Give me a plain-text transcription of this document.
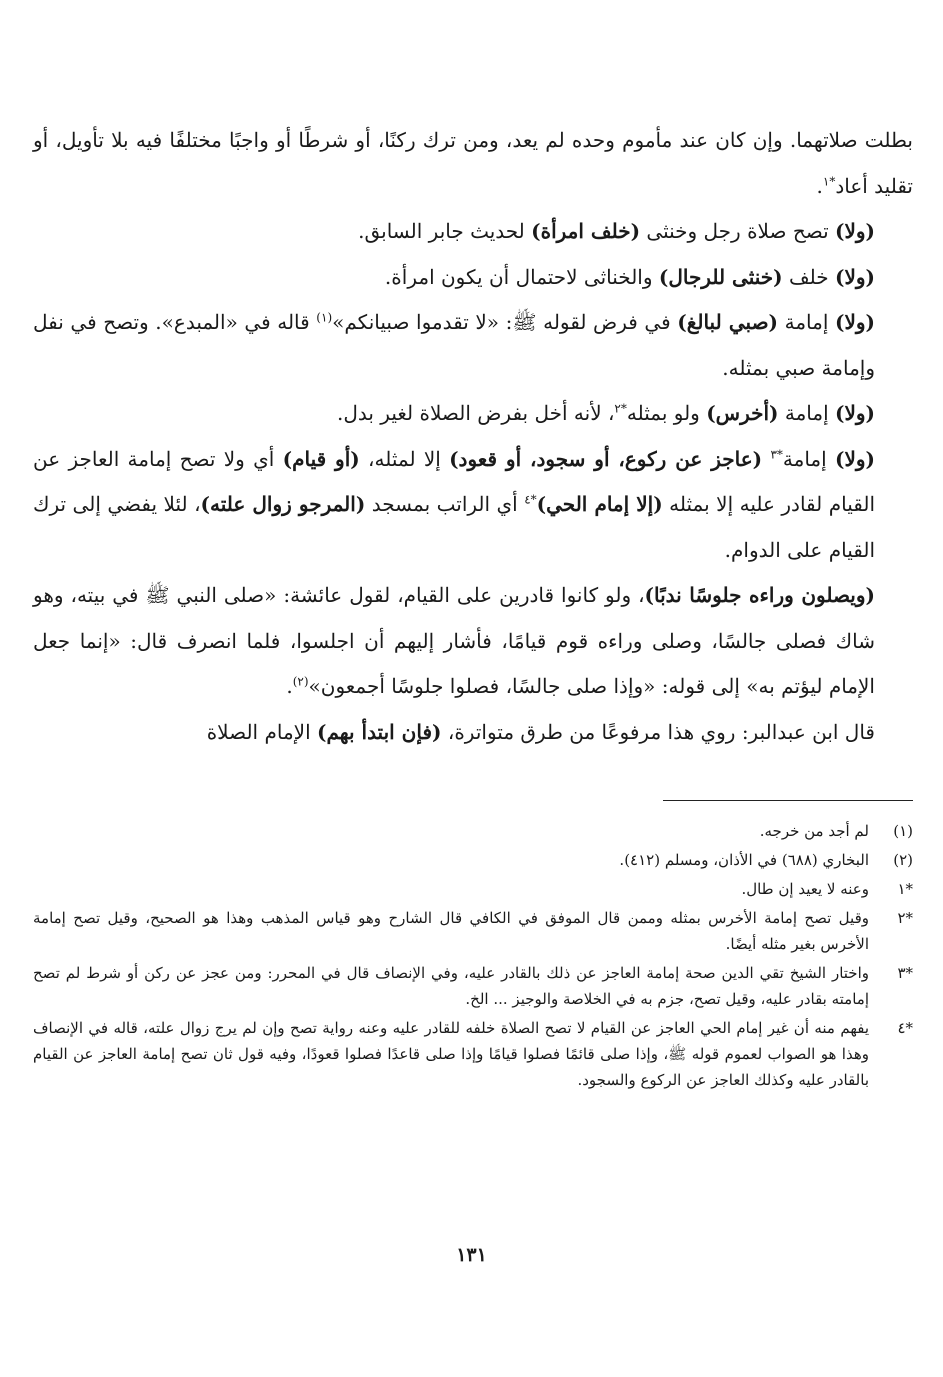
بطلت صلاتهما. وإن كان عند مأموم وحده لم يعد، ومن ترك ركنًا، أو شرطًا أو واجبًا مختلفًا فيه بلا تأويل، أو تقليد أعاد$^{*١}$.

(ولا) تصح صلاة رجل وخنثى (خلف امرأة) لحديث جابر السابق.

(ولا) خلف (خنثى للرجال) والخناثى لاحتمال أن يكون امرأة.

(ولا) إمامة (صبي لبالغ) في فرض لقوله ﷺ: «لا تقدموا صبيانكم»$^{(١)}$ قاله في «المبدع». وتصح في نفل وإمامة صبي بمثله.

(ولا) إمامة (أخرس) ولو بمثله$^{*٢}$، لأنه أخل بفرض الصلاة لغير بدل.

(ولا) إمامة$^{*٣}$ (عاجز عن ركوع، أو سجود، أو قعود) إلا لمثله، (أو قيام) أي ولا تصح إمامة العاجز عن القيام لقادر عليه إلا بمثله (إلا إمام الحي)$^{*٤}$ أي الراتب بمسجد (المرجو زوال علته)، لئلا يفضي إلى ترك القيام على الدوام.

(ويصلون وراءه جلوسًا ندبًا)، ولو كانوا قادرين على القيام، لقول عائشة: «صلى النبي ﷺ في بيته، وهو شاك فصلى جالسًا، وصلى وراءه قوم قيامًا، فأشار إليهم أن اجلسوا، فلما انصرف قال: «إنما جعل الإمام ليؤتم به» إلى قوله: «وإذا صلى جالسًا، فصلوا جلوسًا أجمعون»$^{(٢)}$.

قال ابن عبدالبر: روي هذا مرفوعًا من طرق متواترة، (فإن ابتدأ بهم) الإمام الصلاة

(١)
لم أجد من خرجه.
(٢)
البخاري (٦٨٨) في الأذان، ومسلم (٤١٢).
*١
وعنه لا يعيد إن طال.
*٢
وقيل تصح إمامة الأخرس بمثله وممن قال الموفق في الكافي قال الشارح وهو قياس المذهب وهذا هو الصحيح، وقيل تصح إمامة الأخرس بغير مثله أيضًا.
*٣
واختار الشيخ تقي الدين صحة إمامة العاجز عن ذلك بالقادر عليه، وفي الإنصاف قال في المحرر: ومن عجز عن ركن أو شرط لم تصح إمامته بقادر عليه، وقيل تصح، جزم به في الخلاصة والوجيز ... الخ.
*٤
يفهم منه أن غير إمام الحي العاجز عن القيام لا تصح الصلاة خلفه للقادر عليه وعنه رواية تصح وإن لم يرج زوال علته، قاله في الإنصاف وهذا هو الصواب لعموم قوله ﷺ، وإذا صلى قائمًا فصلوا قيامًا وإذا صلى قاعدًا فصلوا قعودًا، وفيه قول ثان تصح إمامة العاجز عن القيام بالقادر عليه وكذلك العاجز عن الركوع والسجود.
١٣١
